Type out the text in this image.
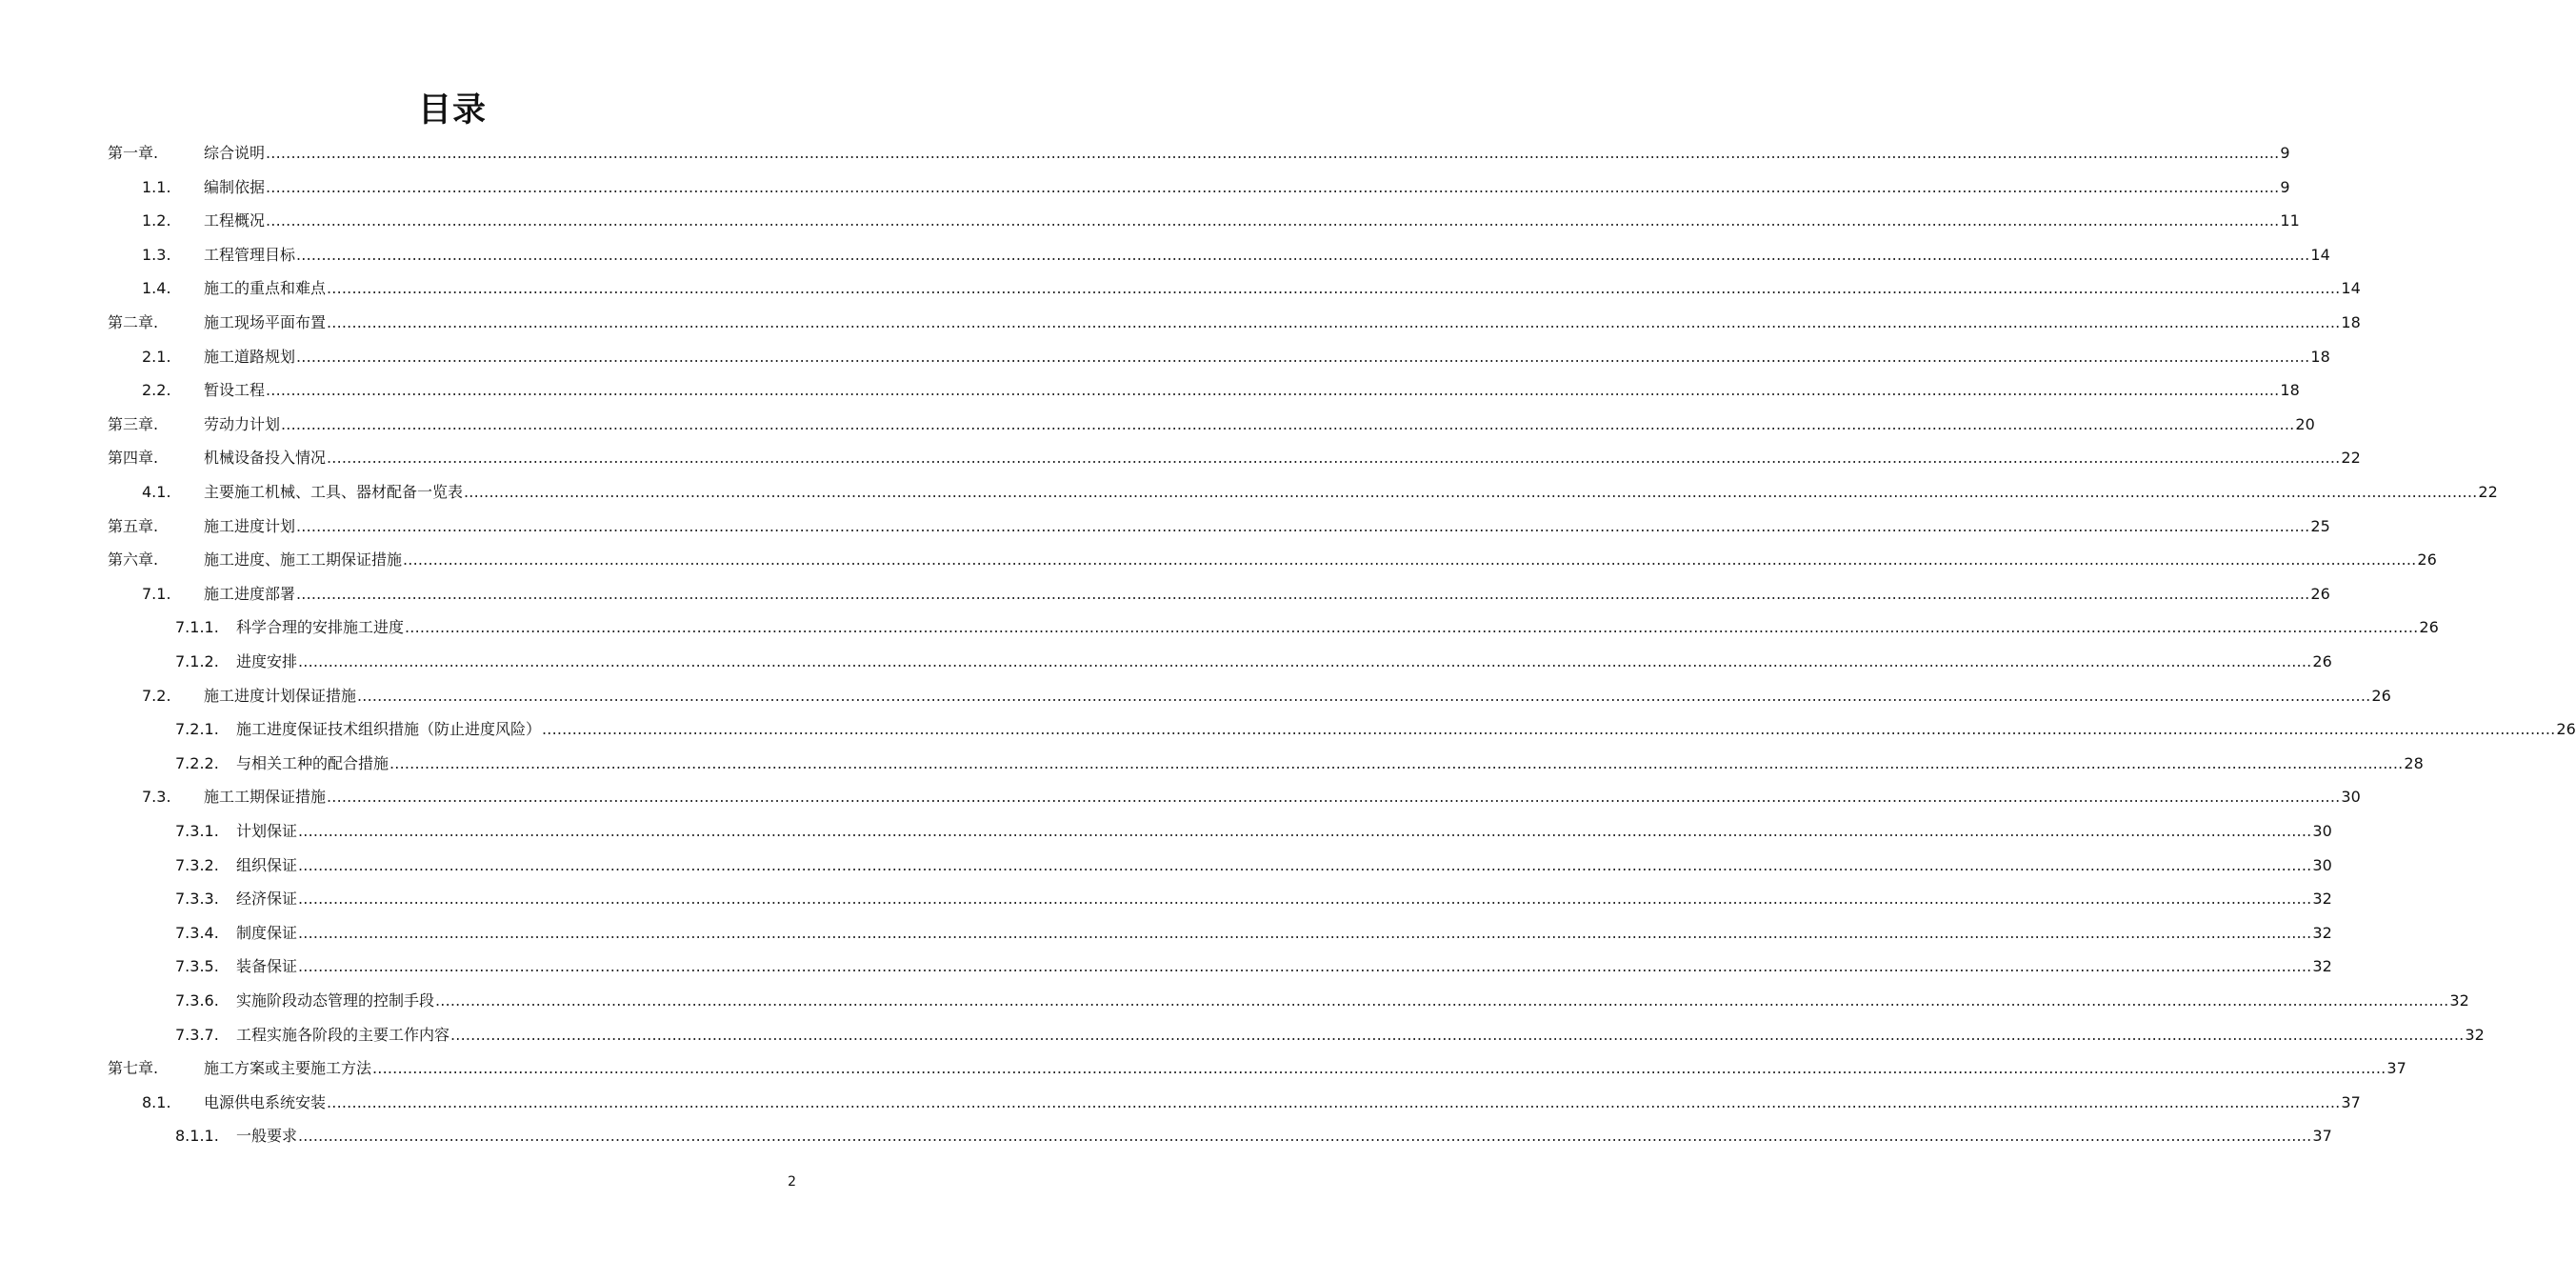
目录
第一章.	综合说明 ................................................................................................................................................................................................................................................................................................................................................................................................................ 9
1.1. 编制依据 ................................................................................................................................................................................................................................................................................................................................................................................................................ 9
1.2. 工程概况 ................................................................................................................................................................................................................................................................................................................................................................................................................ 11
1.3. 工程管理目标 ................................................................................................................................................................................................................................................................................................................................................................................................................ 14
1.4. 施工的重点和难点 ................................................................................................................................................................................................................................................................................................................................................................................................................ 14
第二章.	施工现场平面布置 ................................................................................................................................................................................................................................................................................................................................................................................................................ 18
2.1. 施工道路规划 ................................................................................................................................................................................................................................................................................................................................................................................................................ 18
2.2. 暂设工程 ................................................................................................................................................................................................................................................................................................................................................................................................................ 18
第三章.	劳动力计划 ................................................................................................................................................................................................................................................................................................................................................................................................................ 20
第四章.	机械设备投入情况 ................................................................................................................................................................................................................................................................................................................................................................................................................ 22
4.1. 主要施工机械、工具、器材配备一览表 ................................................................................................................................................................................................................................................................................................................................................................................................................ 22
第五章.	施工进度计划 ................................................................................................................................................................................................................................................................................................................................................................................................................ 25
第六章.	施工进度、施工工期保证措施 ................................................................................................................................................................................................................................................................................................................................................................................................................ 26
7.1. 施工进度部署 ................................................................................................................................................................................................................................................................................................................................................................................................................ 26
7.1.1. 科学合理的安排施工进度 ................................................................................................................................................................................................................................................................................................................................................................................................................ 26
7.1.2. 进度安排 ................................................................................................................................................................................................................................................................................................................................................................................................................ 26
7.2. 施工进度计划保证措施 ................................................................................................................................................................................................................................................................................................................................................................................................................ 26
7.2.1. 施工进度保证技术组织措施（防止进度风险） ................................................................................................................................................................................................................................................................................................................................................................................................................ 26
7.2.2. 与相关工种的配合措施 ................................................................................................................................................................................................................................................................................................................................................................................................................ 28
7.3. 施工工期保证措施 ................................................................................................................................................................................................................................................................................................................................................................................................................ 30
7.3.1. 计划保证 ................................................................................................................................................................................................................................................................................................................................................................................................................ 30
7.3.2. 组织保证 ................................................................................................................................................................................................................................................................................................................................................................................................................ 30
7.3.3. 经济保证 ................................................................................................................................................................................................................................................................................................................................................................................................................ 32
7.3.4. 制度保证 ................................................................................................................................................................................................................................................................................................................................................................................................................ 32
7.3.5. 装备保证 ................................................................................................................................................................................................................................................................................................................................................................................................................ 32
7.3.6. 实施阶段动态管理的控制手段 ................................................................................................................................................................................................................................................................................................................................................................................................................ 32
7.3.7. 工程实施各阶段的主要工作内容 ................................................................................................................................................................................................................................................................................................................................................................................................................ 32
第七章.	施工方案或主要施工方法 ................................................................................................................................................................................................................................................................................................................................................................................................................ 37
8.1. 电源供电系统安装 ................................................................................................................................................................................................................................................................................................................................................................................................................ 37
8.1.1. 一般要求 ................................................................................................................................................................................................................................................................................................................................................................................................................ 37
2
